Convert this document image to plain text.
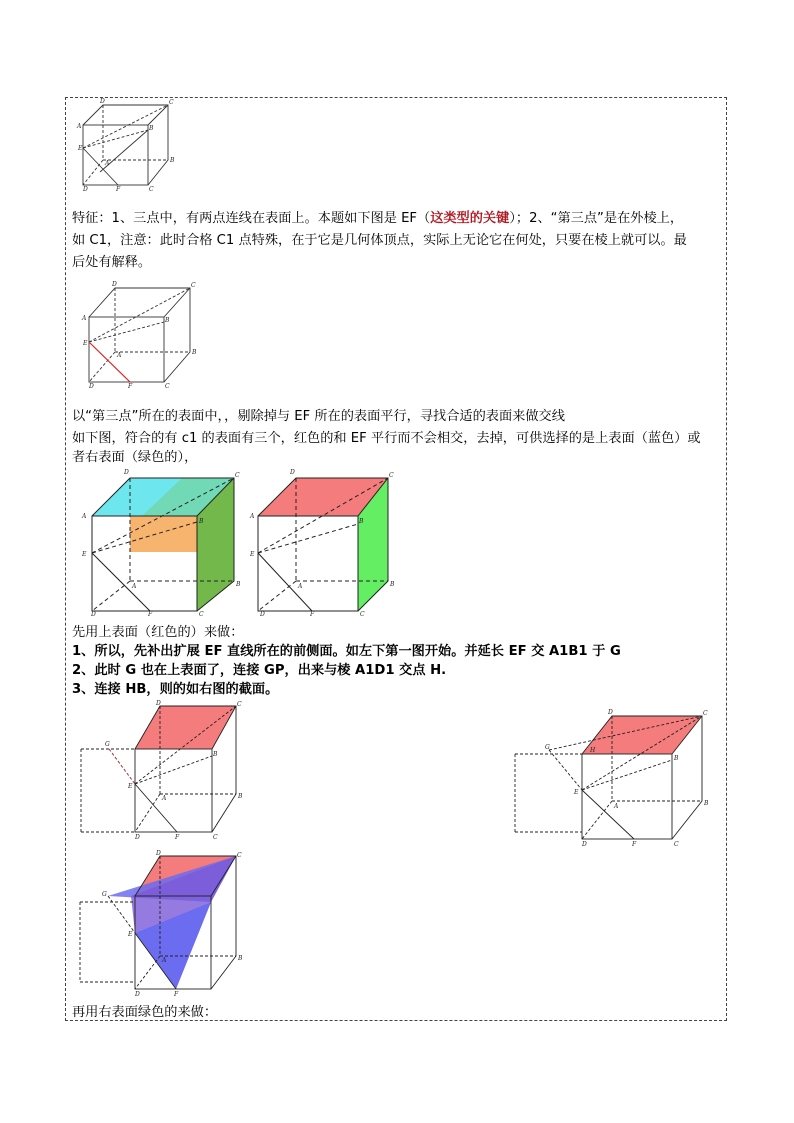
D	C
A	B
E
A	B
D	F	C
特征：1、三点中，有两点连线在表面上。本题如下图是 EF（这类型的关键）；2、“第三点”是在外棱上，
如 C1，注意：此时合格 C1 点特殊，在于它是几何体顶点，实际上无论它在何处，只要在棱上就可以。最
后处有解释。
D	C
A	B
E
A	B
D	F	C
以“第三点”所在的表面中，，剔除掉与 EF 所在的表面平行，寻找合适的表面来做交线
如下图，符合的有 c1 的表面有三个，红色的和 EF 平行而不会相交，去掉，可供选择的是上表面（蓝色）或
者右表面（绿色的），
D	C
A
B
E
A	B
D	F	C
D	C
A
B
E
A	B
D	F	C
先用上表面（红色的）来做：
1、所以，先补出扩展 EF 直线所在的前侧面。如左下第一图开始。并延长 EF 交 A1B1 于 G
2、此时 G 也在上表面了，连接 GP，出来与棱 A1D1 交点 H.
3、连接 HB，则的如右图的截面。
G
D	C
B
E
A	B
D	F	C
G	H
D	C
B
E
A	B
D	F	C
G
D	C
E
A	B
D	F
再用右表面绿色的来做：
